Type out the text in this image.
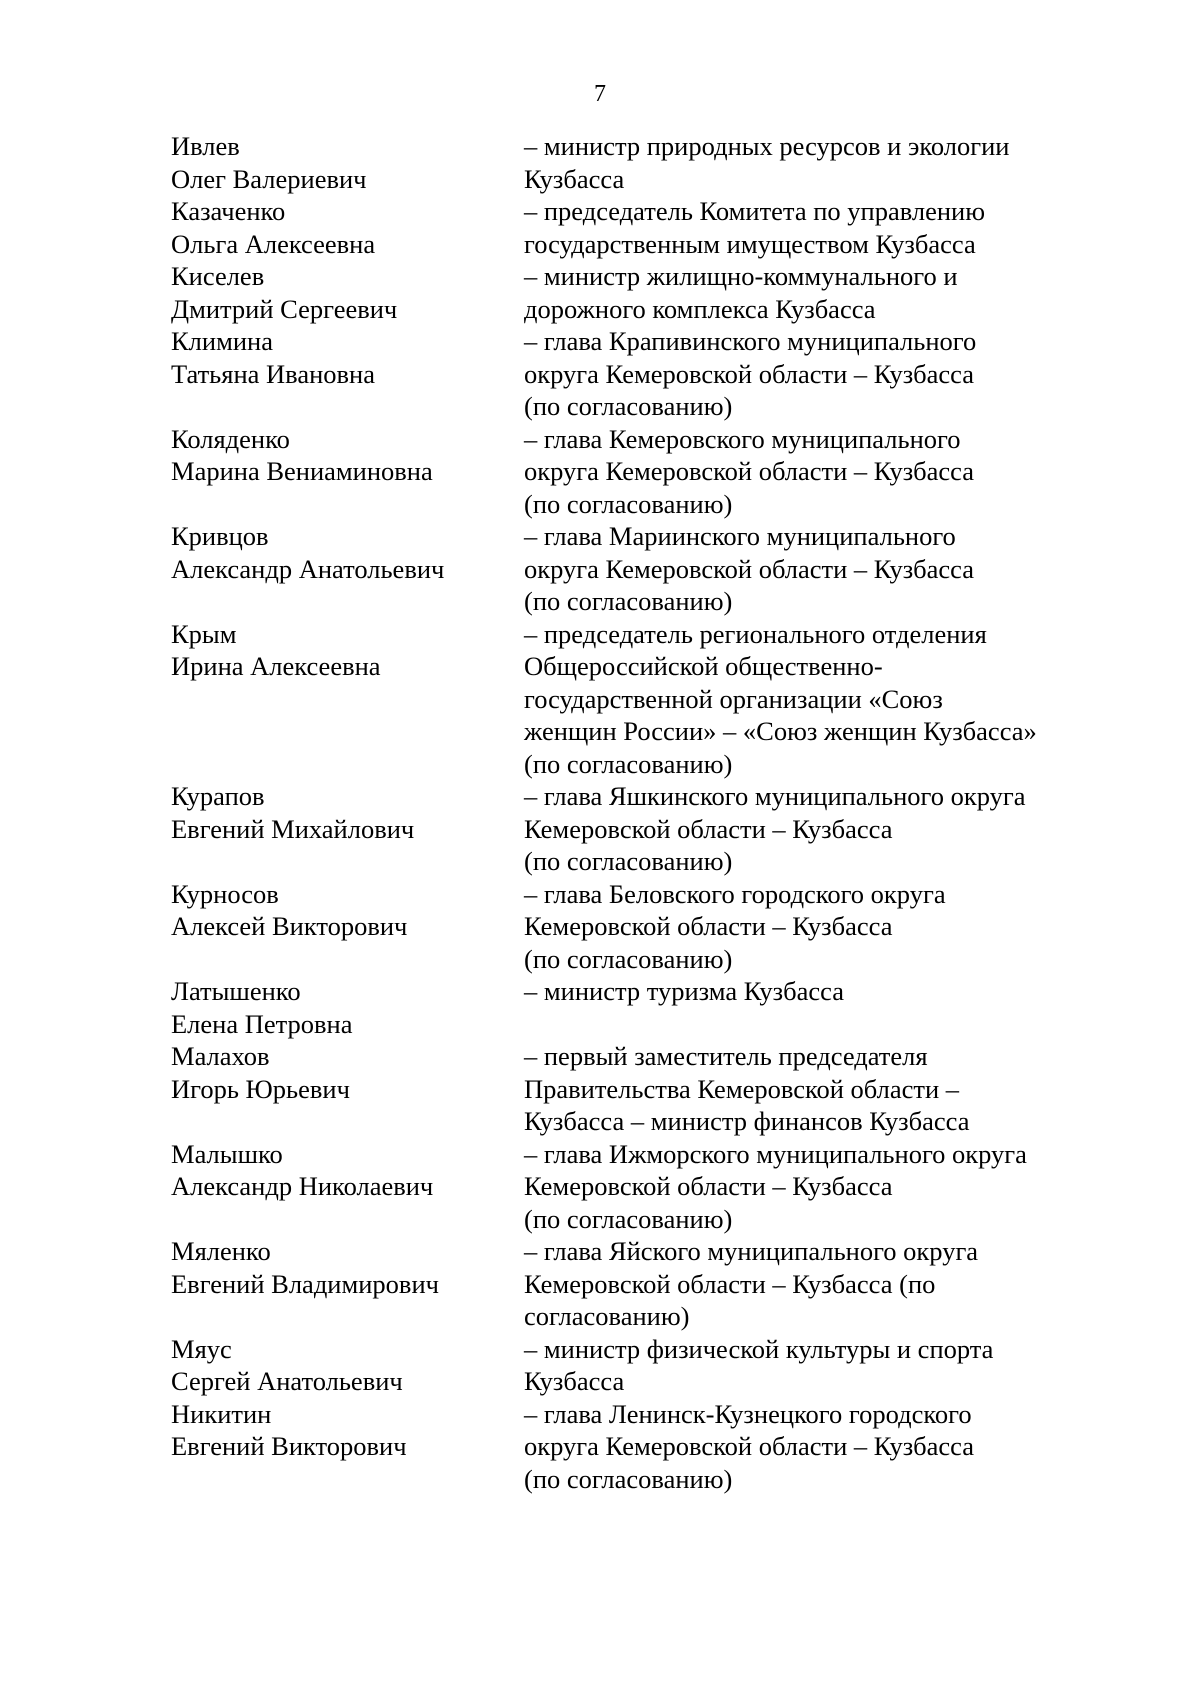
7
Ивлев
Олег Валериевич
– министр природных ресурсов и экологии
Кузбасса
Казаченко
Ольга Алексеевна
– председатель Комитета по управлению
государственным имуществом Кузбасса
Киселев
Дмитрий Сергеевич
– министр жилищно-коммунального и
дорожного комплекса Кузбасса
Климина
Татьяна Ивановна
– глава Крапивинского муниципального
округа Кемеровской области – Кузбасса
(по согласованию)
Коляденко
Марина Вениаминовна
– глава Кемеровского муниципального
округа Кемеровской области – Кузбасса
(по согласованию)
Кривцов
Александр Анатольевич
– глава Мариинского муниципального
округа Кемеровской области – Кузбасса
(по согласованию)
Крым
Ирина Алексеевна
– председатель регионального отделения
Общероссийской общественно-
государственной организации «Союз
женщин России» – «Союз женщин Кузбасса»
(по согласованию)
Курапов
Евгений Михайлович
– глава Яшкинского муниципального округа
Кемеровской области – Кузбасса
(по согласованию)
Курносов
Алексей Викторович
– глава Беловского городского округа
Кемеровской области – Кузбасса
(по согласованию)
Латышенко
Елена Петровна
– министр туризма Кузбасса
Малахов
Игорь Юрьевич
– первый заместитель председателя
Правительства Кемеровской области –
Кузбасса – министр финансов Кузбасса
Малышко
Александр Николаевич
– глава Ижморского муниципального округа
Кемеровской области – Кузбасса
(по согласованию)
Мяленко
Евгений Владимирович
– глава Яйского муниципального округа
Кемеровской области – Кузбасса (по
согласованию)
Мяус
Сергей Анатольевич
– министр физической культуры и спорта
Кузбасса
Никитин
Евгений Викторович
– глава Ленинск-Кузнецкого городского
округа Кемеровской области – Кузбасса
(по согласованию)
